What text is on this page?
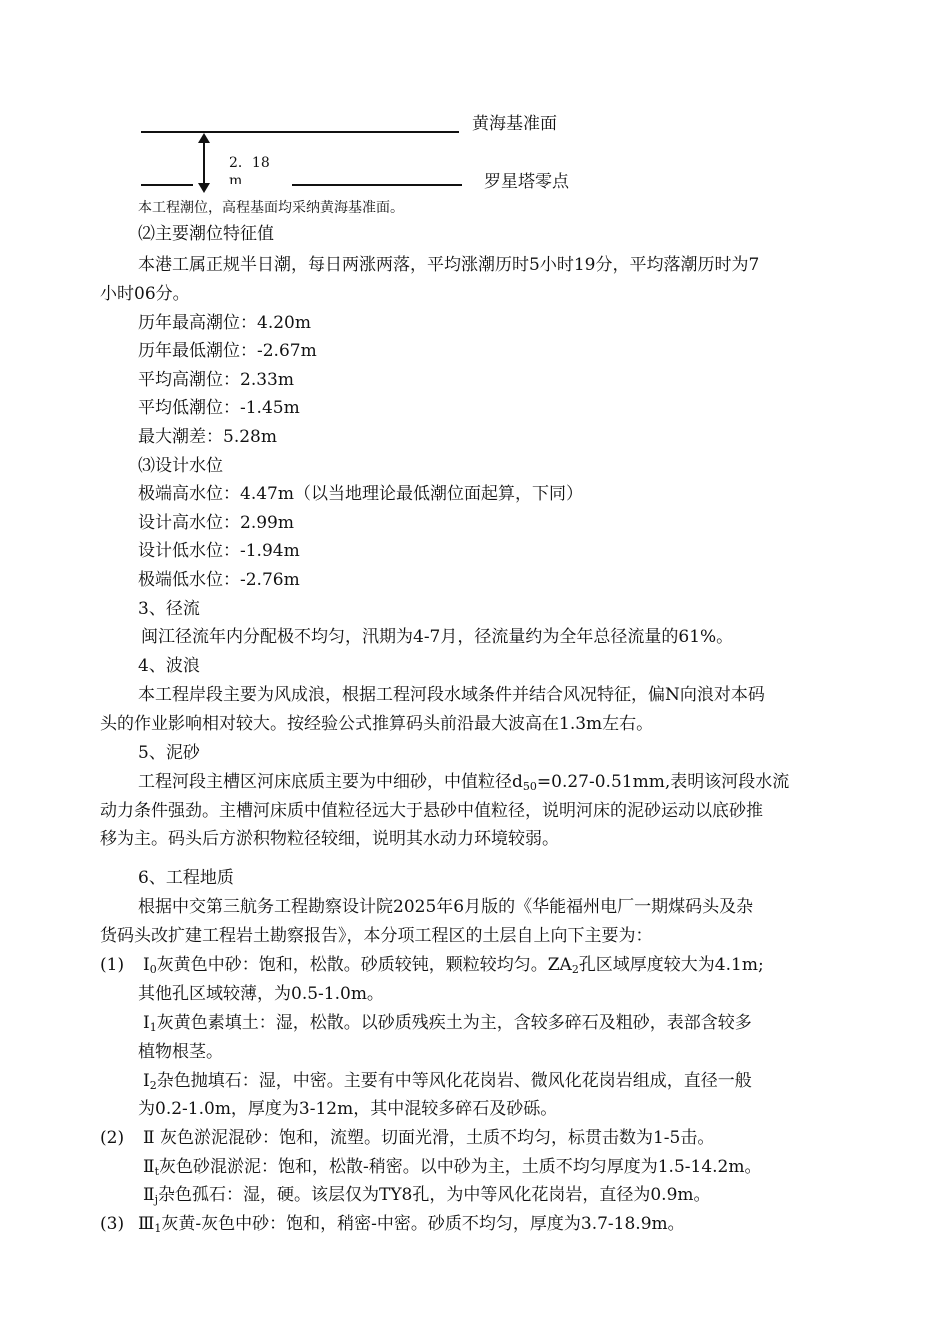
黄海基准面
2．18
m	罗星塔零点
本工程潮位，高程基面均采纳黄海基准面。
⑵主要潮位特征值
本港工属正规半日潮，每日两涨两落，平均涨潮历时5小时19分，平均落潮历时为7
小时06分。
历年最高潮位：4.20m
历年最低潮位：-2.67m
平均高潮位：2.33m
平均低潮位：-1.45m
最大潮差：5.28m
⑶设计水位
极端高水位：4.47m（以当地理论最低潮位面起算，下同）
设计高水位：2.99m
设计低水位：-1.94m
极端低水位：-2.76m
3、径流
闽江径流年内分配极不均匀，汛期为4-7月，径流量约为全年总径流量的61%。
4、波浪
本工程岸段主要为风成浪，根据工程河段水域条件并结合风况特征，偏N向浪对本码
头的作业影响相对较大。按经验公式推算码头前沿最大波高在1.3m左右。
5、泥砂
工程河段主槽区河床底质主要为中细砂，中值粒径$d_{50}=0.27-0.51mm$,表明该河段水流
动力条件强劲。主槽河床质中值粒径远大于悬砂中值粒径，说明河床的泥砂运动以底砂推
移为主。码头后方淤积物粒径较细，说明其水动力环境较弱。
6、工程地质
根据中交第三航务工程勘察设计院2025年6月版的《华能福州电厂一期煤码头及杂
货码头改扩建工程岩土勘察报告》，本分项工程区的土层自上向下主要为：
(1) $Ⅰ_0$灰黄色中砂：饱和，松散。砂质较钝，颗粒较均匀。$ZA_2$孔区域厚度较大为4.1m;
其他孔区域较薄，为0.5-1.0m。
$Ⅰ_1$灰黄色素填土：湿，松散。以砂质残疾土为主，含较多碎石及粗砂，表部含较多
植物根茎。
$Ⅰ_2$杂色抛填石：湿，中密。主要有中等风化花岗岩、微风化花岗岩组成，直径一般
为0.2-1.0m，厚度为3-12m，其中混较多碎石及砂砾。
(2) Ⅱ 灰色淤泥混砂：饱和，流塑。切面光滑，土质不均匀，标贯击数为1-5击。
$Ⅱ_t$灰色砂混淤泥：饱和，松散-稍密。以中砂为主，土质不均匀厚度为1.5-14.2m。
$Ⅱ_j$杂色孤石：湿，硬。该层仅为TY8孔，为中等风化花岗岩，直径为0.9m。
(3) $Ⅲ_1$灰黄-灰色中砂：饱和，稍密-中密。砂质不均匀，厚度为3.7-18.9m。
